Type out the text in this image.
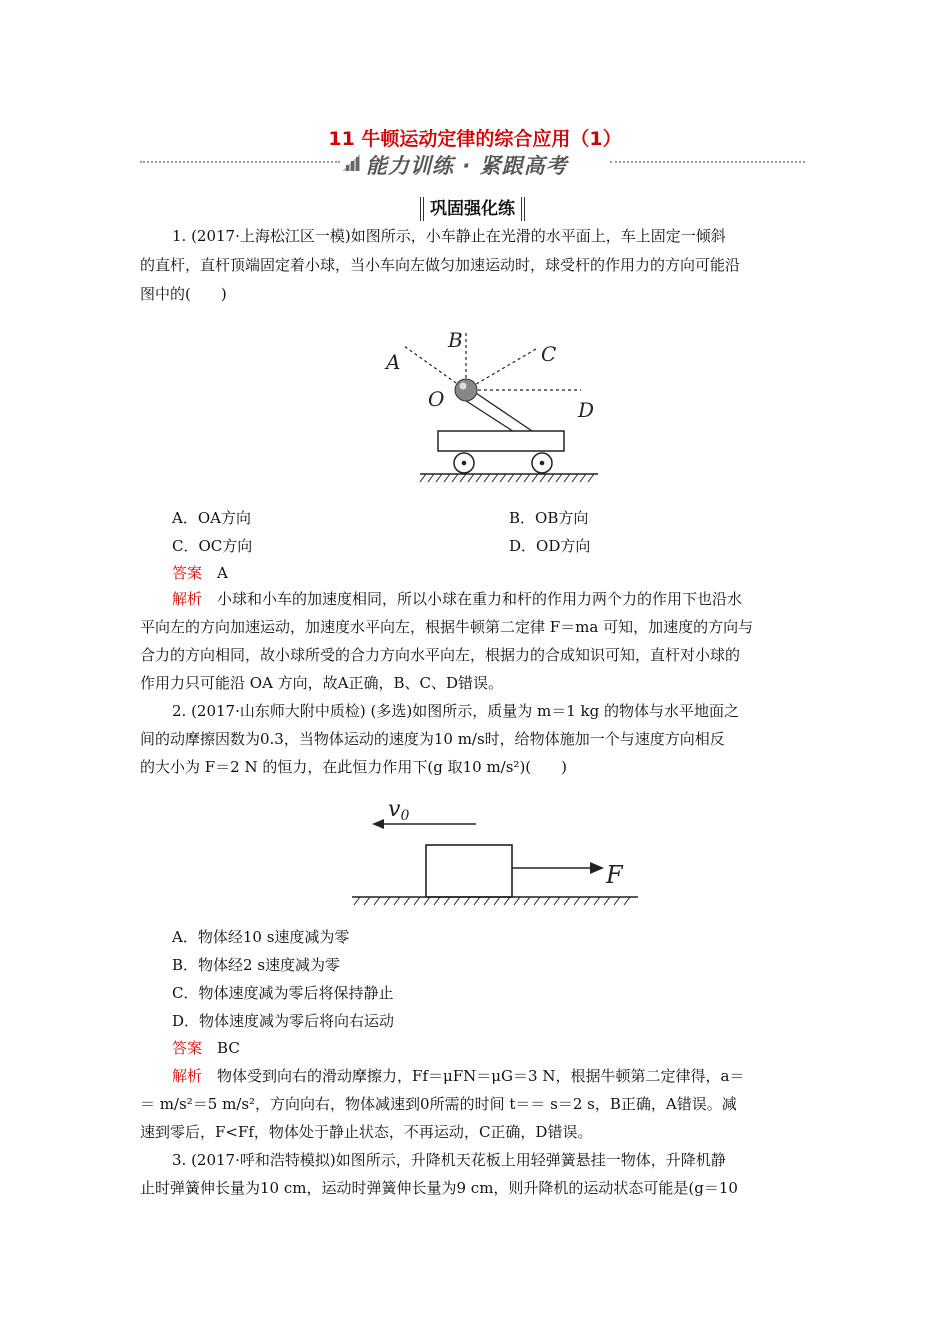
11 牛顿运动定律的综合应用（1）
能力训练 · 紧跟高考
巩固强化练
1. (2017·上海松江区一模)如图所示，小车静止在光滑的水平面上，车上固定一倾斜
的直杆，直杆顶端固定着小球，当小车向左做匀加速运动时，球受杆的作用力的方向可能沿
图中的(　　)
A
B
C
D
O
A．OA方向	B．OB方向
C．OC方向	D．OD方向
答案　 A
解析　 小球和小车的加速度相同，所以小球在重力和杆的作用力两个力的作用下也沿水
平向左的方向加速运动，加速度水平向左，根据牛顿第二定律 F＝ma 可知，加速度的方向与
合力的方向相同，故小球所受的合力方向水平向左，根据力的合成知识可知，直杆对小球的
作用力只可能沿 OA 方向，故A正确，B、C、D错误。
2. (2017·山东师大附中质检) (多选)如图所示，质量为 m＝1 kg 的物体与水平地面之
间的动摩擦因数为0.3，当物体运动的速度为10 m/s时，给物体施加一个与速度方向相反
的大小为 F＝2 N 的恒力，在此恒力作用下(g 取10 m/s²)(　　)
v0
F
A．物体经10 s速度减为零
B．物体经2 s速度减为零
C．物体速度减为零后将保持静止
D．物体速度减为零后将向右运动
答案　 BC
解析　 物体受到向右的滑动摩擦力，Ff＝μFN＝μG＝3 N，根据牛顿第二定律得，a＝
＝ m/s²＝5 m/s²，方向向右，物体减速到0所需的时间 t＝＝ s＝2 s，B正确，A错误。减
速到零后，F<Ff，物体处于静止状态，不再运动，C正确，D错误。
3. (2017·呼和浩特模拟)如图所示，升降机天花板上用轻弹簧悬挂一物体，升降机静
止时弹簧伸长量为10 cm，运动时弹簧伸长量为9 cm，则升降机的运动状态可能是(g＝10
